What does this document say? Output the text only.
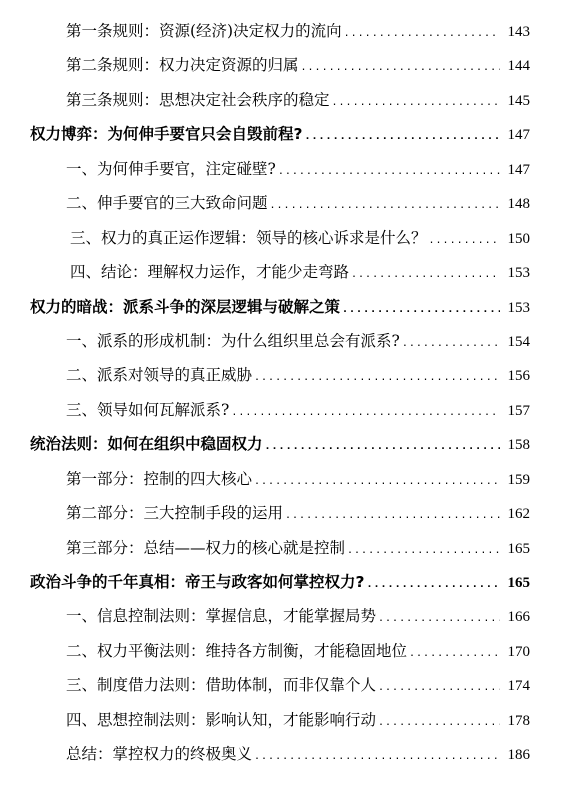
第一条规则：资源(经济)决定权力的流向 .....	143
第二条规则：权力决定资源的归属 .....	144
第三条规则：思想决定社会秩序的稳定 .....	145
权力博弈：为何伸手要官只会自毁前程? .....	147
一、为何伸手要官，注定碰壁? .....	147
二、伸手要官的三大致命问题 .....	148
三、权力的真正运作逻辑：领导的核心诉求是什么？ .....	150
四、结论：理解权力运作，才能少走弯路 .....	153
权力的暗战：派系斗争的深层逻辑与破解之策 .....	153
一、派系的形成机制：为什么组织里总会有派系? .....	154
二、派系对领导的真正威胁 .....	156
三、领导如何瓦解派系? .....	157
统治法则：如何在组织中稳固权力 .....	158
第一部分：控制的四大核心 .....	159
第二部分：三大控制手段的运用 .....	162
第三部分：总结——权力的核心就是控制 .....	165
政治斗争的千年真相：帝王与政客如何掌控权力? .....	165
一、信息控制法则：掌握信息，才能掌握局势 .....	166
二、权力平衡法则：维持各方制衡，才能稳固地位 .....	170
三、制度借力法则：借助体制，而非仅靠个人 .....	174
四、思想控制法则：影响认知，才能影响行动 .....	178
总结：掌控权力的终极奥义 .....	186
